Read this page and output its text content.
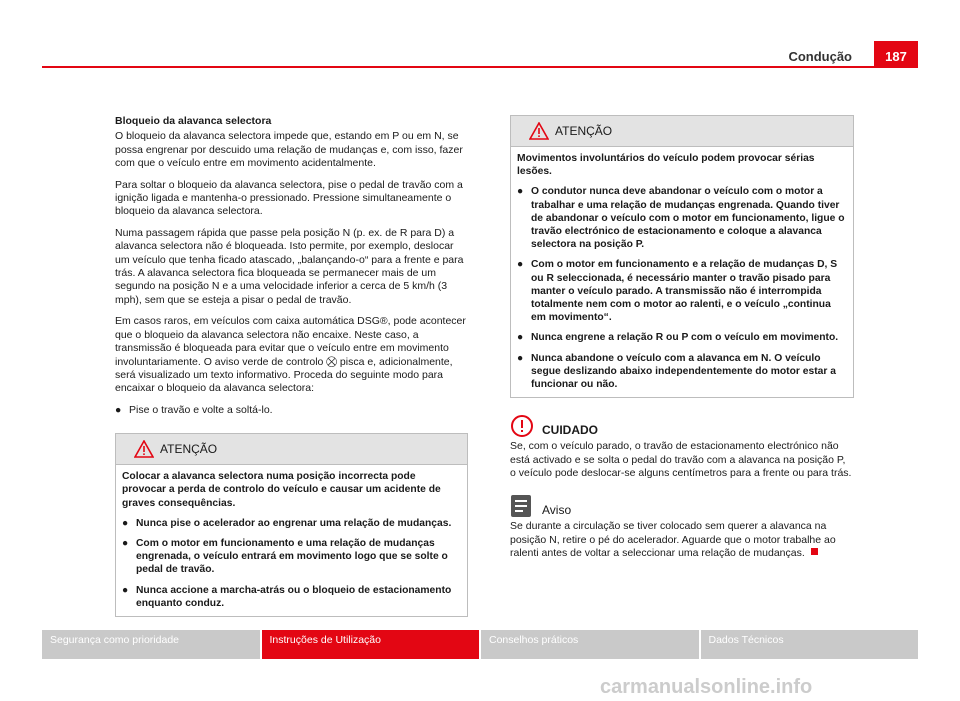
Condução	187

Bloqueio da alavanca selectora

O bloqueio da alavanca selectora impede que, estando em P ou em N, se possa engrenar por descuido uma relação de mudanças e, com isso, fazer com que o veículo entre em movimento acidentalmente.

Para soltar o bloqueio da alavanca selectora, pise o pedal de travão com a ignição ligada e mantenha-o pressionado. Pressione simultaneamente o bloqueio da alavanca selectora.

Numa passagem rápida que passe pela posição N (p. ex. de R para D) a alavanca selectora não é bloqueada. Isto permite, por exemplo, deslocar um veículo que tenha ficado atascado, „balançando-o“ para a frente e para trás. A alavanca selectora fica bloqueada se permanecer mais de um segundo na posição N e a uma velocidade inferior a cerca de 5 km/h (3 mph), sem que se esteja a pisar o pedal de travão.

Em casos raros, em veículos com caixa automática DSG®, pode acontecer que o bloqueio da alavanca selectora não encaixe. Neste caso, a transmissão é bloqueada para evitar que o veículo entre em movimento involuntariamente. O aviso verde de controlo ⛒ pisca e, adicionalmente, será visualizado um texto informativo. Proceda do seguinte modo para encaixar o bloqueio da alavanca selectora:

● Pise o travão e volte a soltá-lo.

ATENÇÃO

Colocar a alavanca selectora numa posição incorrecta pode provocar a perda de controlo do veículo e causar um acidente de graves consequências.

● Nunca pise o acelerador ao engrenar uma relação de mudanças.

● Com o motor em funcionamento e uma relação de mudanças engrenada, o veículo entrará em movimento logo que se solte o pedal de travão.

● Nunca accione a marcha-atrás ou o bloqueio de estacionamento enquanto conduz.

ATENÇÃO

Movimentos involuntários do veículo podem provocar sérias lesões.

● O condutor nunca deve abandonar o veículo com o motor a trabalhar e uma relação de mudanças engrenada. Quando tiver de abandonar o veículo com o motor em funcionamento, ligue o travão electrónico de estacionamento e coloque a alavanca selectora na posição P.

● Com o motor em funcionamento e a relação de mudanças D, S ou R seleccionada, é necessário manter o travão pisado para manter o veículo parado. A transmissão não é interrompida totalmente nem com o motor ao ralenti, e o veículo „continua em movimento“.

● Nunca engrene a relação R ou P com o veículo em movimento.

● Nunca abandone o veículo com a alavanca em N. O veículo segue deslizando abaixo independentemente do motor estar a funcionar ou não.

CUIDADO

Se, com o veículo parado, o travão de estacionamento electrónico não está activado e se solta o pedal do travão com a alavanca na posição P, o veículo pode deslocar-se alguns centímetros para a frente ou para trás.

Aviso

Se durante a circulação se tiver colocado sem querer a alavanca na posição N, retire o pé do acelerador. Aguarde que o motor trabalhe ao ralenti antes de voltar a seleccionar uma relação de mudanças.

Segurança como prioridade	Instruções de Utilização	Conselhos práticos	Dados Técnicos
carmanualsonline.info
